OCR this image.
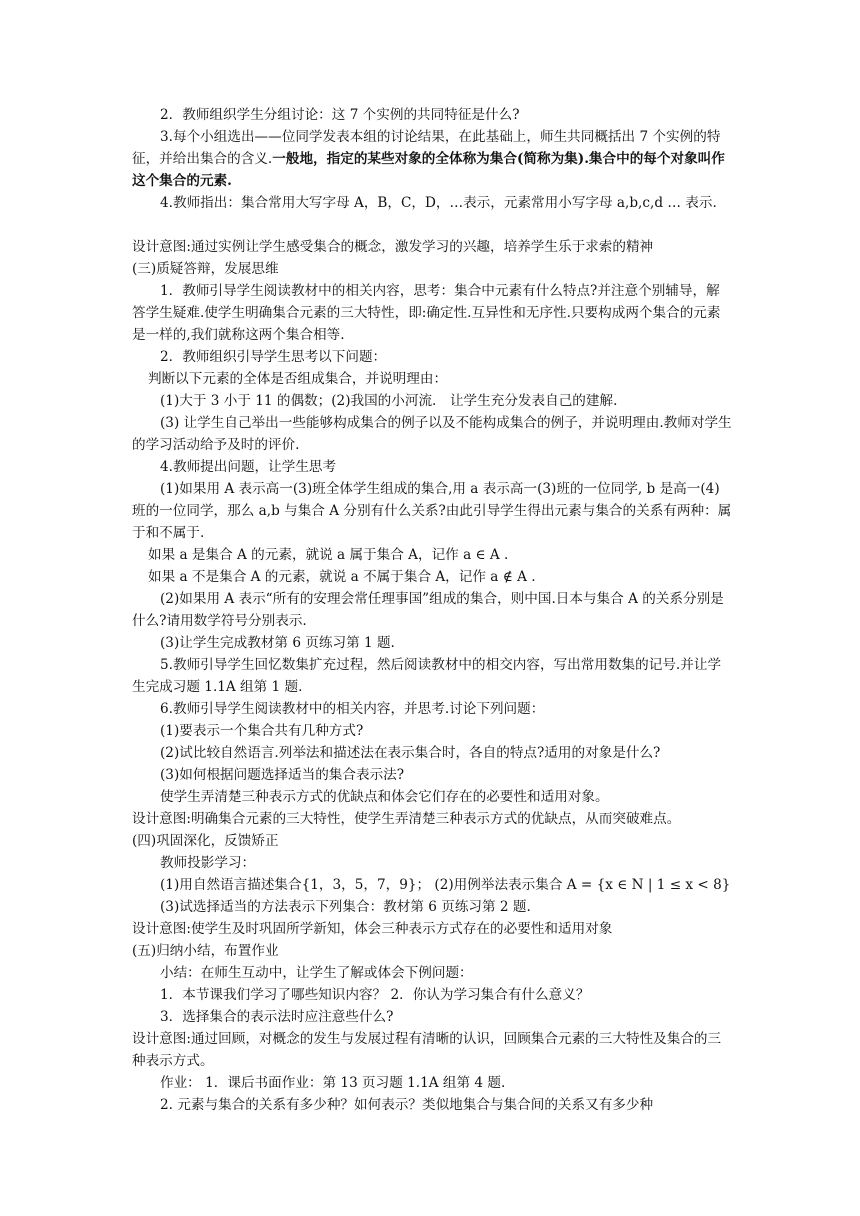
2．教师组织学生分组讨论：这 7 个实例的共同特征是什么?
3.每个小组选出——位同学发表本组的讨论结果，在此基础上，师生共同概括出 7 个实例的特征，并给出集合的含义.一般地，指定的某些对象的全体称为集合(简称为集).集合中的每个对象叫作这个集合的元素.
4.教师指出：集合常用大写字母 A，B，C，D，…表示，元素常用小写字母 a,b,c,d … 表示.
设计意图:通过实例让学生感受集合的概念，激发学习的兴趣，培养学生乐于求索的精神
(三)质疑答辩，发展思维
1．教师引导学生阅读教材中的相关内容，思考：集合中元素有什么特点?并注意个别辅导，解答学生疑难.使学生明确集合元素的三大特性，即:确定性.互异性和无序性.只要构成两个集合的元素是一样的,我们就称这两个集合相等.
2．教师组织引导学生思考以下问题：
判断以下元素的全体是否组成集合，并说明理由：
(1)大于 3 小于 11 的偶数；(2)我国的小河流.　让学生充分发表自己的建解.
(3) 让学生自己举出一些能够构成集合的例子以及不能构成集合的例子，并说明理由.教师对学生的学习活动给予及时的评价.
4.教师提出问题，让学生思考
(1)如果用 A 表示高一(3)班全体学生组成的集合,用 a 表示高一(3)班的一位同学, b 是高一(4)班的一位同学，那么 a,b 与集合 A 分别有什么关系?由此引导学生得出元素与集合的关系有两种：属于和不属于.
如果 a 是集合 A 的元素，就说 a 属于集合 A，记作 a ∈ A .
如果 a 不是集合 A 的元素，就说 a 不属于集合 A，记作 a ∉ A .
(2)如果用 A 表示“所有的安理会常任理事国”组成的集合，则中国.日本与集合 A 的关系分别是什么?请用数学符号分别表示.
(3)让学生完成教材第 6 页练习第 1 题.
5.教师引导学生回忆数集扩充过程，然后阅读教材中的相交内容，写出常用数集的记号.并让学生完成习题 1.1A 组第 1 题.
6.教师引导学生阅读教材中的相关内容，并思考.讨论下列问题：
(1)要表示一个集合共有几种方式?
(2)试比较自然语言.列举法和描述法在表示集合时，各自的特点?适用的对象是什么?
(3)如何根据问题选择适当的集合表示法?
使学生弄清楚三种表示方式的优缺点和体会它们存在的必要性和适用对象。
设计意图:明确集合元素的三大特性，使学生弄清楚三种表示方式的优缺点，从而突破难点。
(四)巩固深化，反馈矫正
教师投影学习：
(1)用自然语言描述集合{1，3，5，7，9}； (2)用例举法表示集合 A = {x ∈ N | 1 ≤ x < 8}
(3)试选择适当的方法表示下列集合：教材第 6 页练习第 2 题.
设计意图:使学生及时巩固所学新知，体会三种表示方式存在的必要性和适用对象
(五)归纳小结，布置作业
小结：在师生互动中，让学生了解或体会下例问题：
1．本节课我们学习了哪些知识内容？ 2．你认为学习集合有什么意义？
3．选择集合的表示法时应注意些什么?
设计意图:通过回顾，对概念的发生与发展过程有清晰的认识，回顾集合元素的三大特性及集合的三种表示方式。
作业： 1．课后书面作业：第 13 页习题 1.1A 组第 4 题.
2. 元素与集合的关系有多少种？如何表示？类似地集合与集合间的关系又有多少种
